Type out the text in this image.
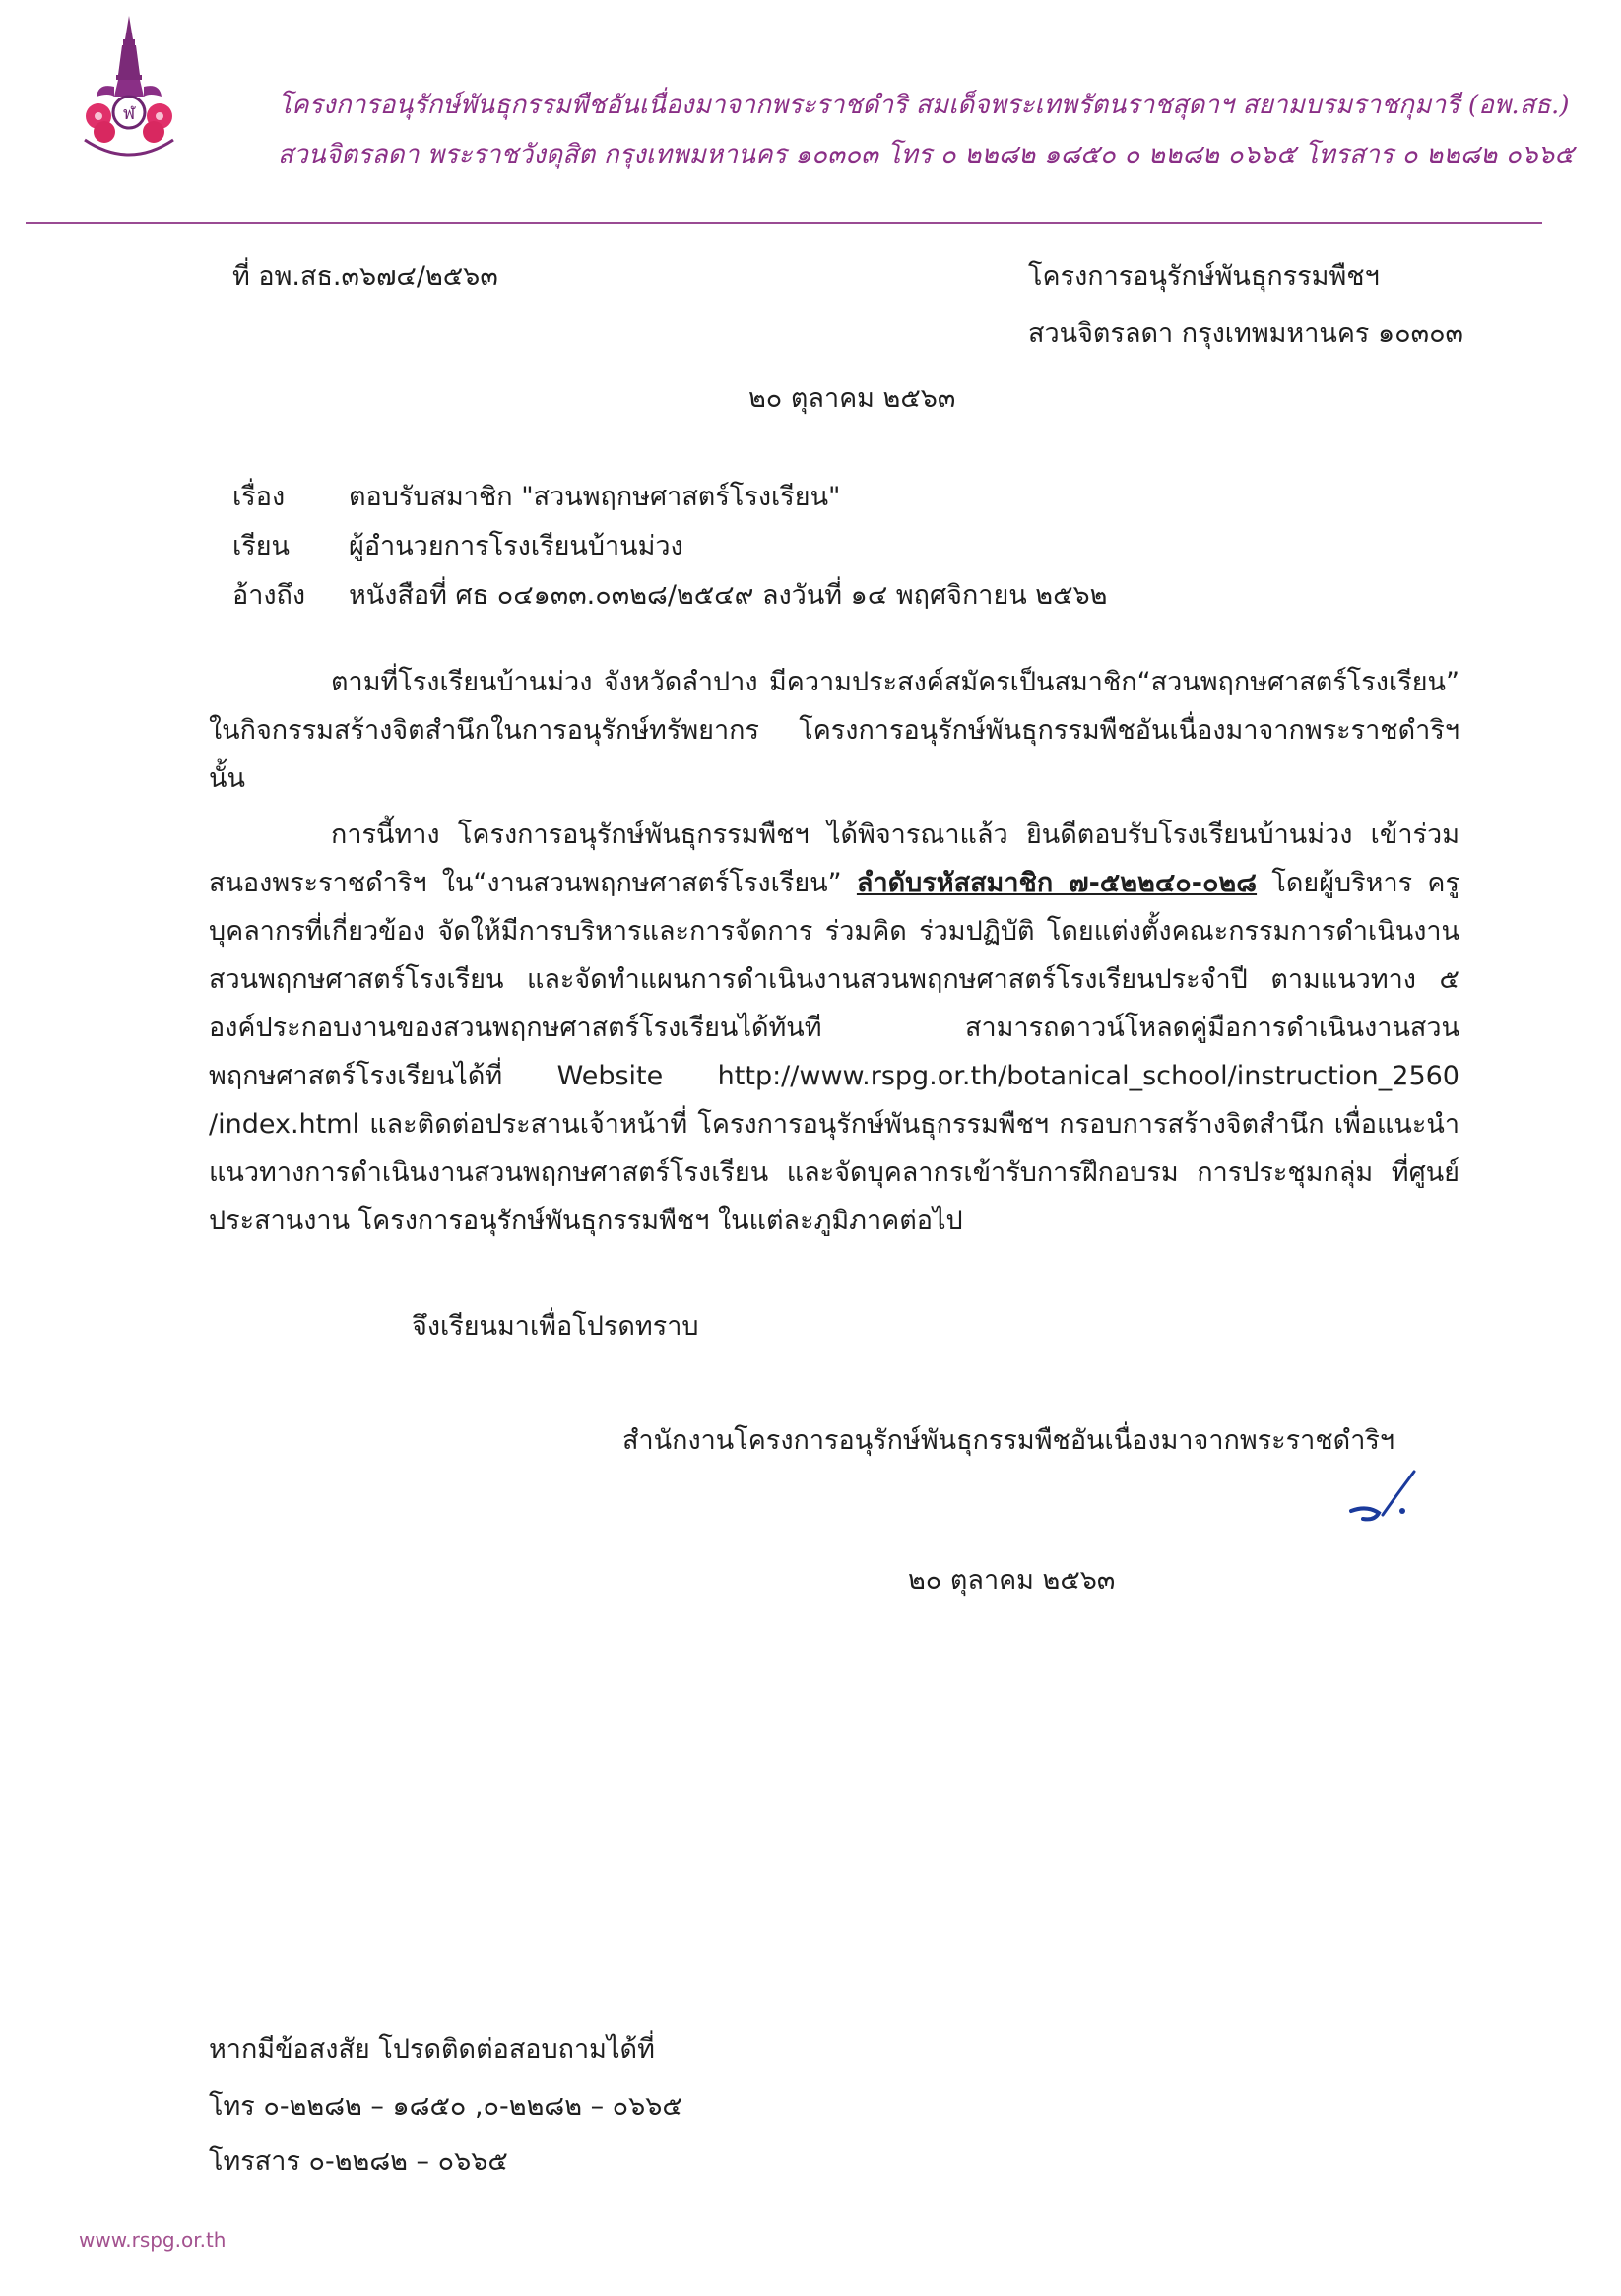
ฬ	โครงการอนุรักษ์พันธุกรรมพืชอันเนื่องมาจากพระราชดำริ สมเด็จพระเทพรัตนราชสุดาฯ สยามบรมราชกุมารี (อพ.สธ.)
สวนจิตรลดา พระราชวังดุสิต กรุงเทพมหานคร ๑๐๓๐๓ โทร ๐ ๒๒๘๒ ๑๘๕๐ ๐ ๒๒๘๒ ๐๖๖๕ โทรสาร ๐ ๒๒๘๒ ๐๖๖๕
ที่ อพ.สธ.๓๖๗๔/๒๕๖๓	โครงการอนุรักษ์พันธุกรรมพืชฯ
สวนจิตรลดา กรุงเทพมหานคร ๑๐๓๐๓
๒๐ ตุลาคม ๒๕๖๓
เรื่อง ตอบรับสมาชิก "สวนพฤกษศาสตร์โรงเรียน"
เรียน ผู้อำนวยการโรงเรียนบ้านม่วง
อ้างถึง หนังสือที่ ศธ ๐๔๑๓๓.๐๓๒๘/๒๕๔๙ ลงวันที่ ๑๔ พฤศจิกายน ๒๕๖๒

ตามที่โรงเรียนบ้านม่วง จังหวัดลำปาง มีความประสงค์สมัครเป็นสมาชิก“สวนพฤกษศาสตร์โรงเรียน” ในกิจกรรมสร้างจิตสำนึกในการอนุรักษ์ทรัพยากร โครงการอนุรักษ์พันธุกรรมพืชอันเนื่องมาจากพระราชดำริฯ นั้น

การนี้ทาง โครงการอนุรักษ์พันธุกรรมพืชฯ ได้พิจารณาแล้ว ยินดีตอบรับโรงเรียนบ้านม่วง เข้าร่วมสนองพระราชดำริฯ ใน“งานสวนพฤกษศาสตร์โรงเรียน” ลำดับรหัสสมาชิก ๗-๕๒๒๔๐-๐๒๘ โดยผู้บริหาร ครู บุคลากรที่เกี่ยวข้อง จัดให้มีการบริหารและการจัดการ ร่วมคิด ร่วมปฏิบัติ โดยแต่งตั้งคณะกรรมการดำเนินงานสวนพฤกษศาสตร์โรงเรียน และจัดทำแผนการดำเนินงานสวนพฤกษศาสตร์โรงเรียนประจำปี ตามแนวทาง ๕ องค์ประกอบงานของสวนพฤกษศาสตร์โรงเรียนได้ทันที สามารถดาวน์โหลดคู่มือการดำเนินงานสวนพฤกษศาสตร์โรงเรียนได้ที่ Website http://www.rspg.or.th/botanical_school/instruction_2560 /index.html และติดต่อประสานเจ้าหน้าที่ โครงการอนุรักษ์พันธุกรรมพืชฯ กรอบการสร้างจิตสำนึก เพื่อแนะนำแนวทางการดำเนินงานสวนพฤกษศาสตร์โรงเรียน และจัดบุคลากรเข้ารับการฝึกอบรม การประชุมกลุ่ม ที่ศูนย์ประสานงาน โครงการอนุรักษ์พันธุกรรมพืชฯ ในแต่ละภูมิภาคต่อไป

จึงเรียนมาเพื่อโปรดทราบ
สำนักงานโครงการอนุรักษ์พันธุกรรมพืชอันเนื่องมาจากพระราชดำริฯ
๒๐ ตุลาคม ๒๕๖๓
หากมีข้อสงสัย โปรดติดต่อสอบถามได้ที่
โทร ๐-๒๒๘๒ – ๑๘๕๐ ,๐-๒๒๘๒ – ๐๖๖๕
โทรสาร ๐-๒๒๘๒ – ๐๖๖๕
www.rspg.or.th
